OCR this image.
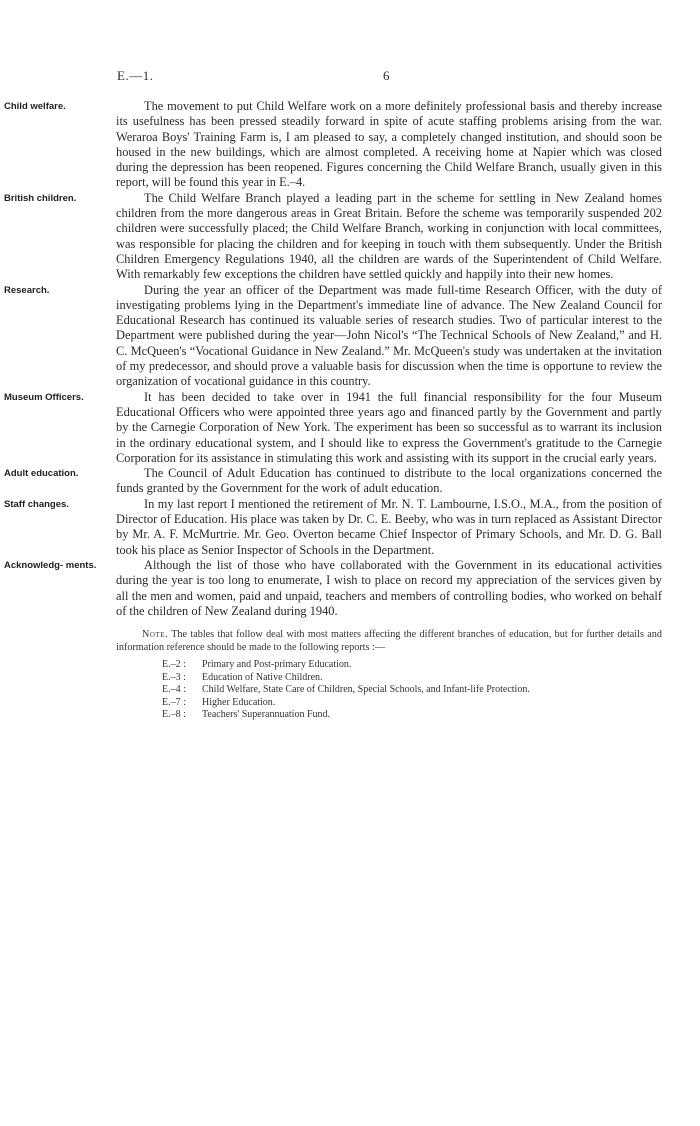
E.—1.	6
Child welfare.	The movement to put Child Welfare work on a more definitely professional basis and thereby increase its usefulness has been pressed steadily forward in spite of acute staffing problems arising from the war. Weraroa Boys' Training Farm is, I am pleased to say, a completely changed institution, and should soon be housed in the new buildings, which are almost completed. A receiving home at Napier which was closed during the depression has been reopened. Figures concerning the Child Welfare Branch, usually given in this report, will be found this year in E.–4.

British children.	The Child Welfare Branch played a leading part in the scheme for settling in New Zealand homes children from the more dangerous areas in Great Britain. Before the scheme was temporarily suspended 202 children were successfully placed; the Child Welfare Branch, working in conjunction with local committees, was responsible for placing the children and for keeping in touch with them subsequently. Under the British Children Emergency Regulations 1940, all the children are wards of the Superintendent of Child Welfare. With remarkably few exceptions the children have settled quickly and happily into their new homes.

Research.	During the year an officer of the Department was made full-time Research Officer, with the duty of investigating problems lying in the Department's immediate line of advance. The New Zealand Council for Educational Research has continued its valuable series of research studies. Two of particular interest to the Department were published during the year—John Nicol's “The Technical Schools of New Zealand,” and H. C. McQueen's “Vocational Guidance in New Zealand.” Mr. McQueen's study was undertaken at the invitation of my predecessor, and should prove a valuable basis for discussion when the time is opportune to review the organization of vocational guidance in this country.

Museum Officers.	It has been decided to take over in 1941 the full financial responsibility for the four Museum Educational Officers who were appointed three years ago and financed partly by the Government and partly by the Carnegie Corporation of New York. The experiment has been so successful as to warrant its inclusion in the ordinary educational system, and I should like to express the Government's gratitude to the Carnegie Corporation for its assistance in stimulating this work and assisting with its support in the crucial early years.

Adult education.	The Council of Adult Education has continued to distribute to the local organizations concerned the funds granted by the Government for the work of adult education.

Staff changes.	In my last report I mentioned the retirement of Mr. N. T. Lambourne, I.S.O., M.A., from the position of Director of Education. His place was taken by Dr. C. E. Beeby, who was in turn replaced as Assistant Director by Mr. A. F. McMurtrie. Mr. Geo. Overton became Chief Inspector of Primary Schools, and Mr. D. G. Ball took his place as Senior Inspector of Schools in the Department.

Acknowledg- ments.	Although the list of those who have collaborated with the Government in its educational activities during the year is too long to enumerate, I wish to place on record my appreciation of the services given by all the men and women, paid and unpaid, teachers and members of controlling bodies, who worked on behalf of the children of New Zealand during 1940.

Note. The tables that follow deal with most matters affecting the different branches of education, but for further details and information reference should be made to the following reports :—

E.–2 :	Primary and Post-primary Education.
E.–3 :	Education of Native Children.
E.–4 :	Child Welfare, State Care of Children, Special Schools, and Infant-life Protection.
E.–7 :	Higher Education.
E.–8 :	Teachers' Superannuation Fund.
